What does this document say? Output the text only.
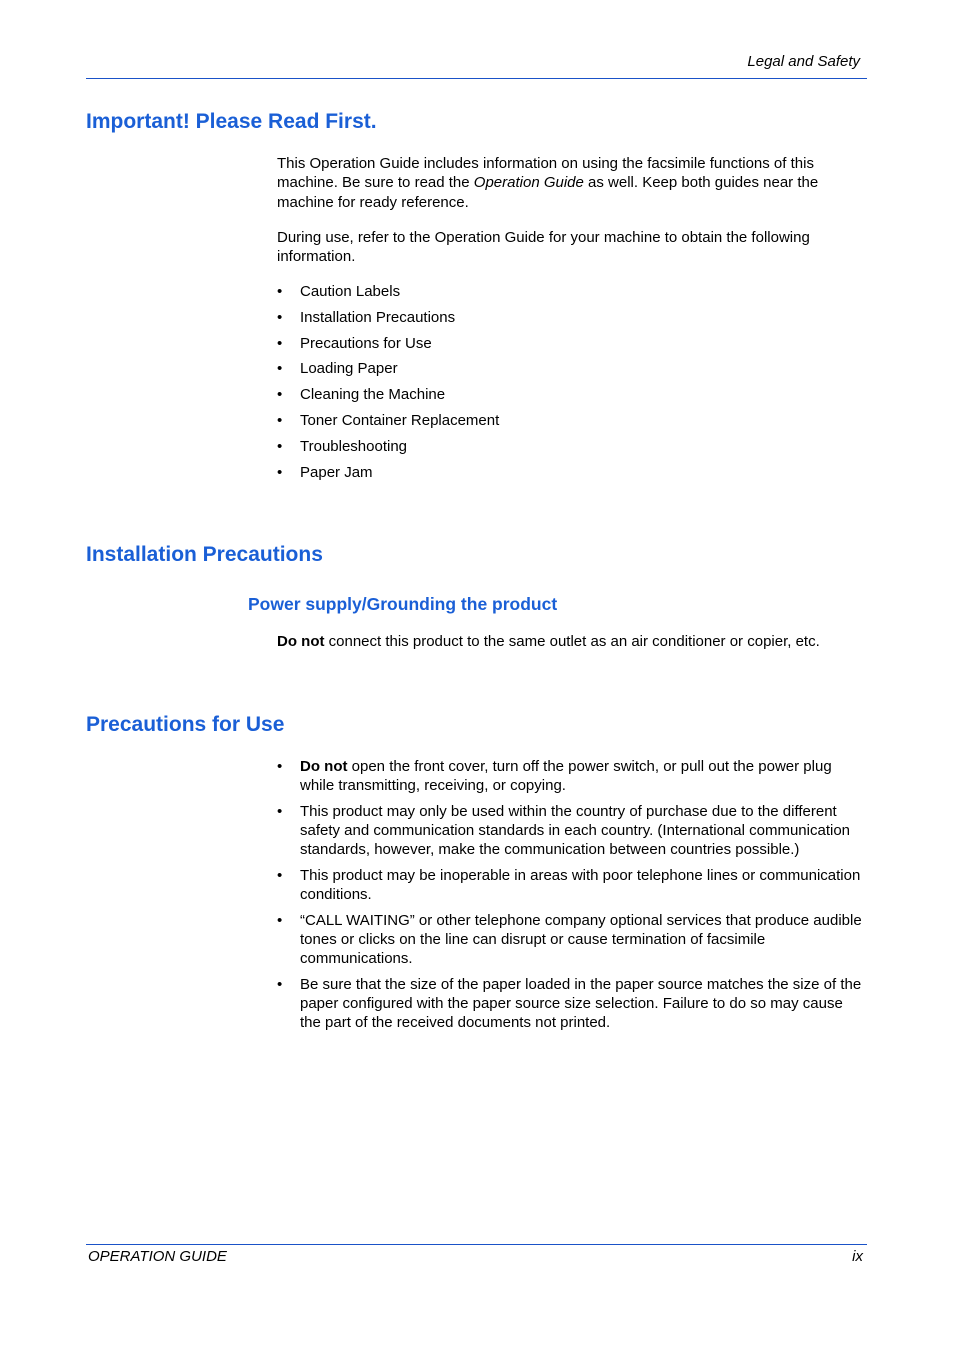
Legal and Safety
Important! Please Read First.

This Operation Guide includes information on using the facsimile functions of this machine. Be sure to read the Operation Guide as well. Keep both guides near the machine for ready reference.

During use, refer to the Operation Guide for your machine to obtain the following information.

• Caution Labels
• Installation Precautions
• Precautions for Use
• Loading Paper
• Cleaning the Machine
• Toner Container Replacement
• Troubleshooting
• Paper Jam
Installation Precautions
Power supply/Grounding the product

Do not connect this product to the same outlet as an air conditioner or copier, etc.

Precautions for Use
• Do not open the front cover, turn off the power switch, or pull out the power plug while transmitting, receiving, or copying.
• This product may only be used within the country of purchase due to the different safety and communication standards in each country. (International communication standards, however, make the communication between countries possible.)
• This product may be inoperable in areas with poor telephone lines or communication conditions.
• “CALL WAITING” or other telephone company optional services that produce audible tones or clicks on the line can disrupt or cause termination of facsimile communications.
• Be sure that the size of the paper loaded in the paper source matches the size of the paper configured with the paper source size selection. Failure to do so may cause the part of the received documents not printed.
OPERATION GUIDE	ix
